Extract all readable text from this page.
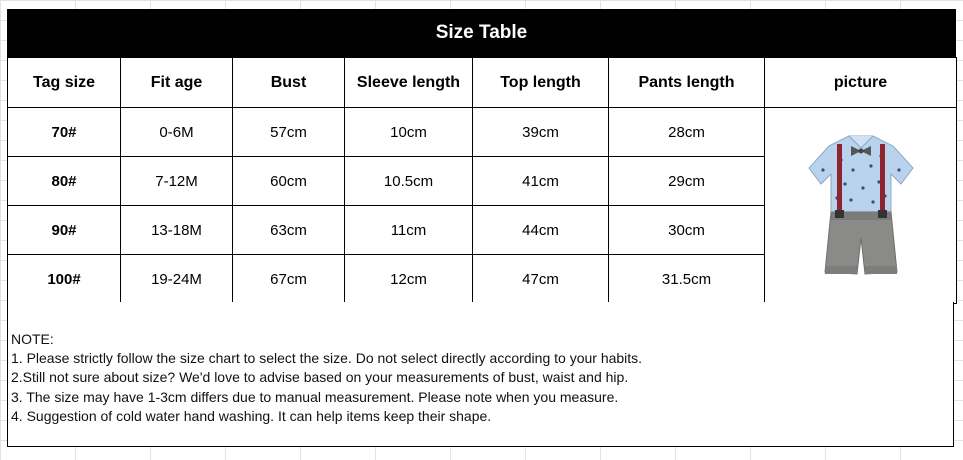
Size Table
Tag size	Fit age	Bust	Sleeve length	Top length	Pants length	picture
70#	0-6M	57cm	10cm	39cm	28cm	

80#	7-12M	60cm	10.5cm	41cm	29cm	
90#	13-18M	63cm	11cm	44cm	30cm	
100#	19-24M	67cm	12cm	47cm	31.5cm	
NOTE:
1. Please strictly follow the size chart to select the size. Do not select directly according to your habits.
2.Still not sure about size? We'd love to advise based on your measurements of bust, waist and hip.
3. The size may have 1-3cm differs due to manual measurement. Please note when you measure.
4. Suggestion of cold water hand washing. It can help items keep their shape.
